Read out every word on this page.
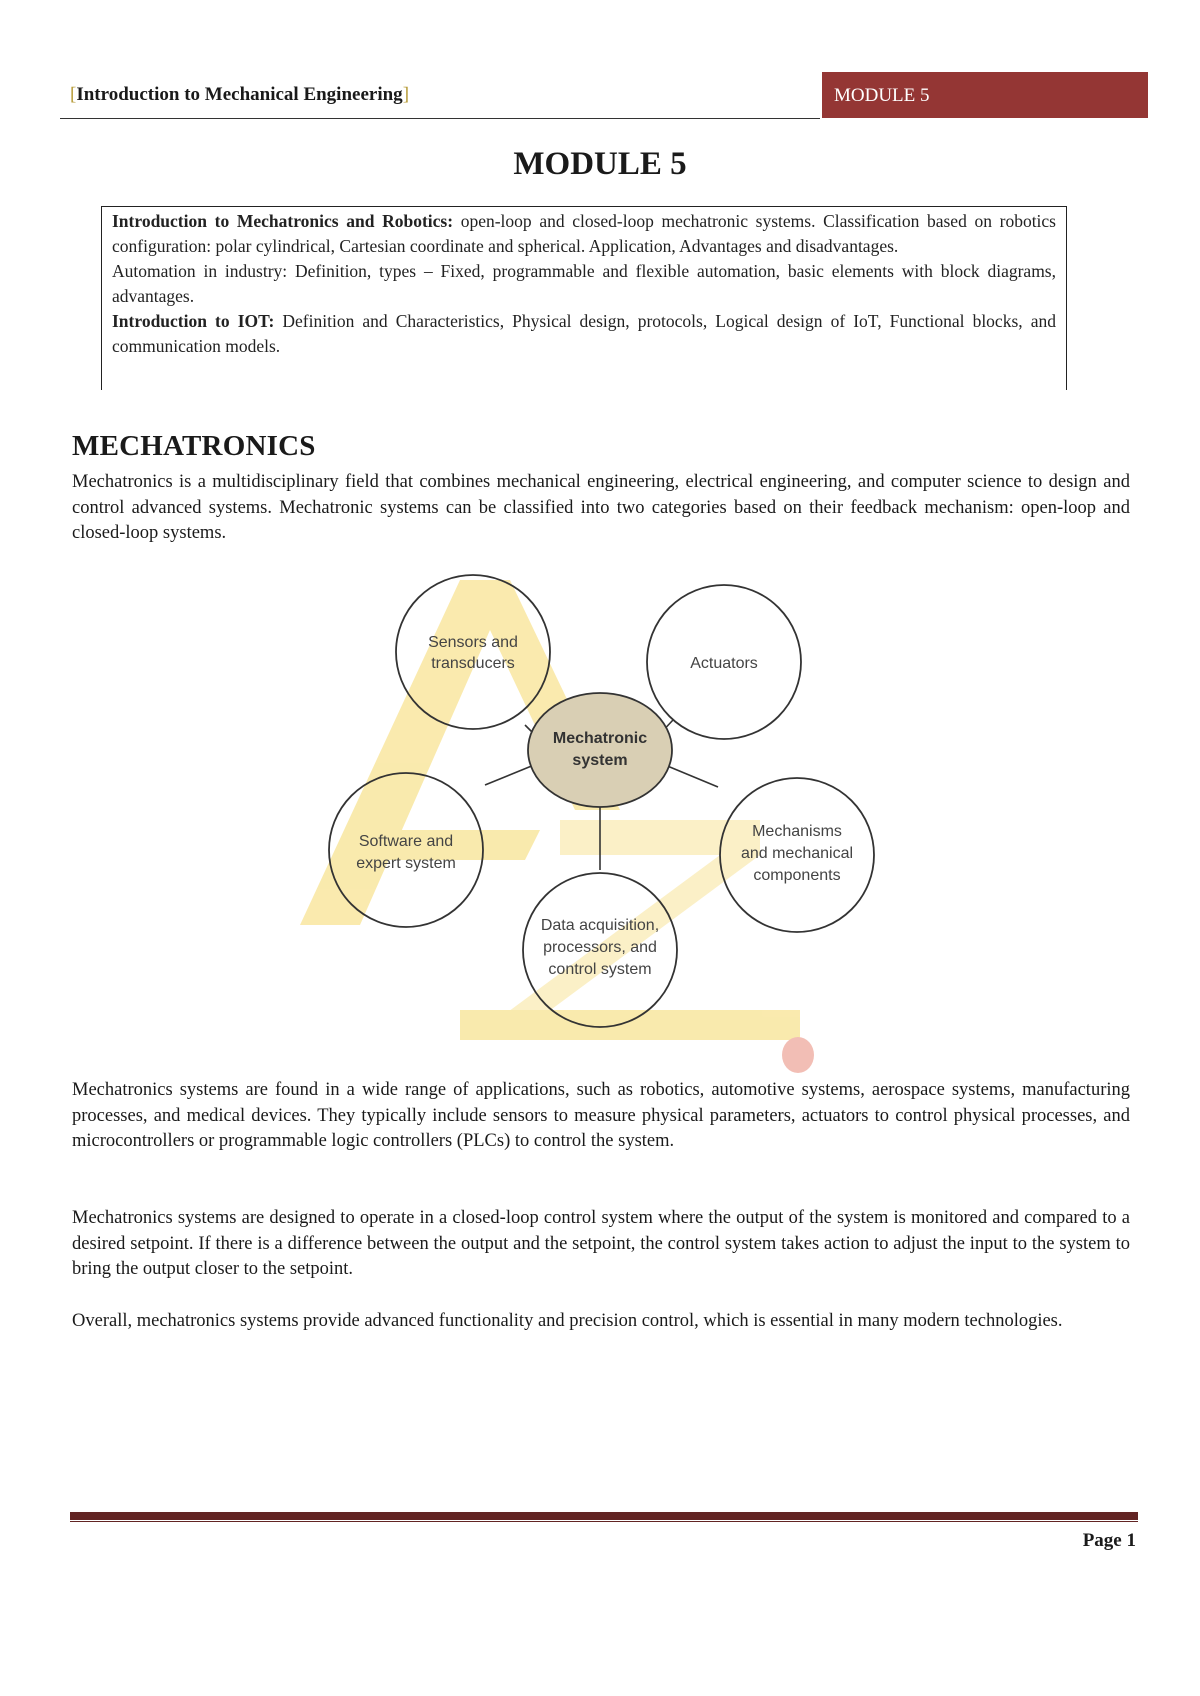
[Introduction to Mechanical Engineering]	MODULE 5
MODULE 5

Introduction to Mechatronics and Robotics: open-loop and closed-loop mechatronic systems. Classification based on robotics configuration: polar cylindrical, Cartesian coordinate and spherical. Application, Advantages and disadvantages.

Automation in industry: Definition, types – Fixed, programmable and flexible automation, basic elements with block diagrams, advantages.

Introduction to IOT: Definition and Characteristics, Physical design, protocols, Logical design of IoT, Functional blocks, and communication models.

MECHATRONICS

Mechatronics is a multidisciplinary field that combines mechanical engineering, electrical engineering, and computer science to design and control advanced systems. Mechatronic systems can be classified into two categories based on their feedback mechanism: open-loop and closed-loop systems.

Mechatronic
system
Sensors and
transducers	Actuators
Software and
expert system
Mechanisms
and mechanical
components
Data acquisition,
processors, and
control system

Mechatronics systems are found in a wide range of applications, such as robotics, automotive systems, aerospace systems, manufacturing processes, and medical devices. They typically include sensors to measure physical parameters, actuators to control physical processes, and microcontrollers or programmable logic controllers (PLCs) to control the system.

Mechatronics systems are designed to operate in a closed-loop control system where the output of the system is monitored and compared to a desired setpoint. If there is a difference between the output and the setpoint, the control system takes action to adjust the input to the system to bring the output closer to the setpoint.

Overall, mechatronics systems provide advanced functionality and precision control, which is essential in many modern technologies.

Page 1
